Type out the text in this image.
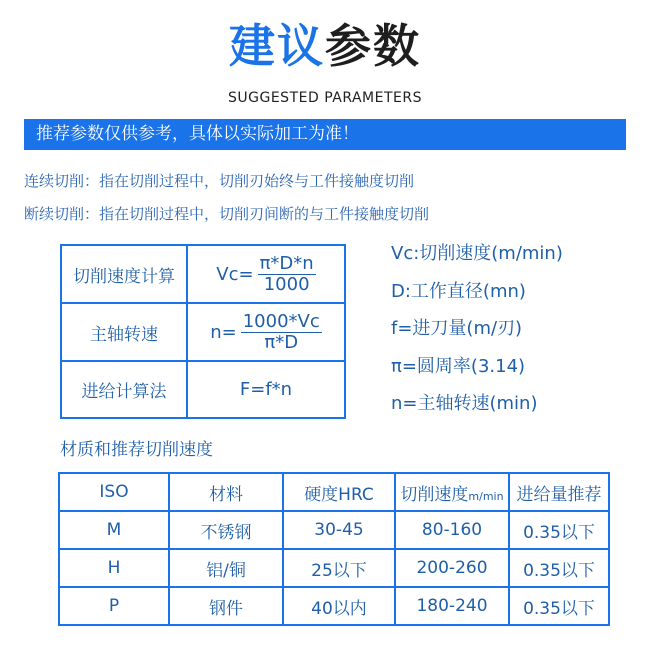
建议参数
SUGGESTED PARAMETERS
推荐参数仅供参考，具体以实际加工为准！
连续切削：指在切削过程中，切削刃始终与工件接触度切削
断续切削：指在切削过程中，切削刃间断的与工件接触度切削
切削速度计算	$Vc= \frac{\pi*D*n}{1000}$

主轴转速	$n= \frac{1000*Vc}{\pi*D}$

进给计算法	F=f*n
Vc:切削速度(m/min)
D:工作直径(mn)
f=进刀量(m/刃)
π=圆周率(3.14)
n=主轴转速(min)
材质和推荐切削速度
ISO	材料	硬度HRC	切削速度m/min	进给量推荐
M	不锈钢	30-45	80-160	0.35以下
H	铝/铜	25以下	200-260	0.35以下
P	钢件	40以内	180-240	0.35以下
